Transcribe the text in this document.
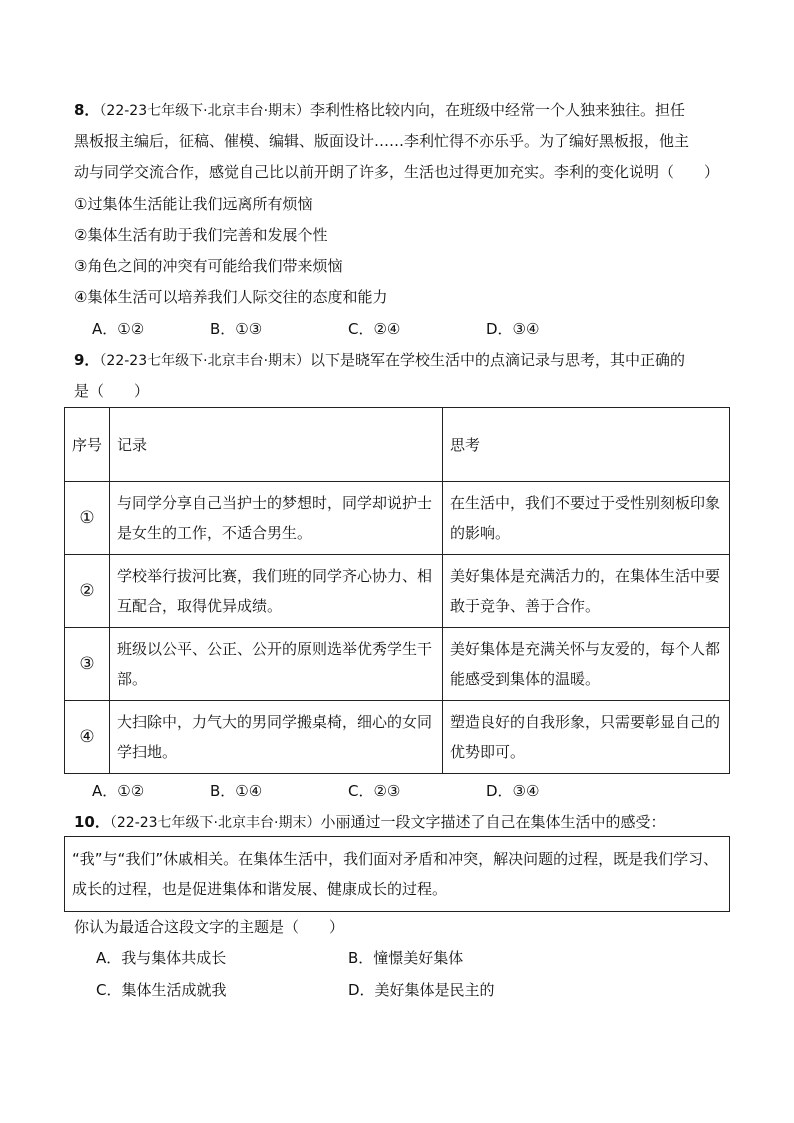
8．（22-23七年级下·北京丰台·期末）李利性格比较内向，在班级中经常一个人独来独往。担任
黑板报主编后，征稿、催模、编辑、版面设计……李利忙得不亦乐乎。为了编好黑板报，他主
动与同学交流合作，感觉自己比以前开朗了许多，生活也过得更加充实。李利的变化说明（　　）
①过集体生活能让我们远离所有烦恼
②集体生活有助于我们完善和发展个性
③角色之间的冲突有可能给我们带来烦恼
④集体生活可以培养我们人际交往的态度和能力
A．①②	B．①③	C．②④	D．③④
9．（22-23七年级下·北京丰台·期末）以下是晓军在学校生活中的点滴记录与思考，其中正确的
是（　　）
序号	记录	思考
①	与同学分享自己当护士的梦想时，同学却说护士是女生的工作，不适合男生。	在生活中，我们不要过于受性别刻板印象的影响。
②	学校举行拔河比赛，我们班的同学齐心协力、相互配合，取得优异成绩。	美好集体是充满活力的，在集体生活中要敢于竞争、善于合作。
③	班级以公平、公正、公开的原则选举优秀学生干部。	美好集体是充满关怀与友爱的，每个人都能感受到集体的温暖。
④	大扫除中，力气大的男同学搬桌椅，细心的女同学扫地。	塑造良好的自我形象，只需要彰显自己的优势即可。
A．①②	B．①④	C．②③	D．③④
10．（22-23七年级下·北京丰台·期末）小丽通过一段文字描述了自己在集体生活中的感受：
“我”与“我们”休戚相关。在集体生活中，我们面对矛盾和冲突，解决问题的过程，既是我们学习、成长的过程，也是促进集体和谐发展、健康成长的过程。
你认为最适合这段文字的主题是（　　）
A．我与集体共成长	B．憧憬美好集体
C．集体生活成就我	D．美好集体是民主的
